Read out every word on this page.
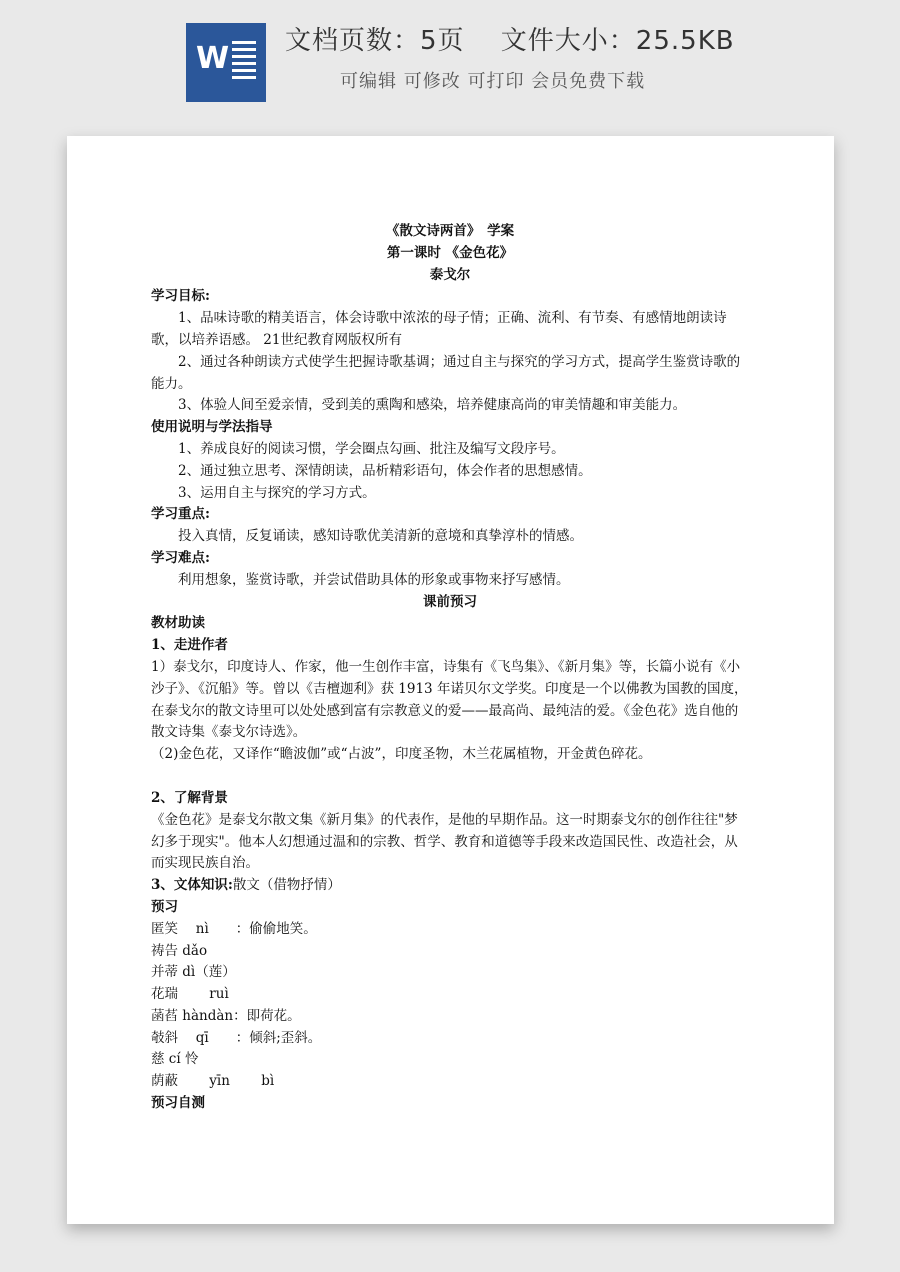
W 文档页数：5页　 文件大小：25.5KB
可编辑 可修改 可打印 会员免费下载
《散文诗两首》　学案
第一课时 《金色花》
泰戈尔
学习目标:
1、品味诗歌的精美语言，体会诗歌中浓浓的母子情；正确、流利、有节奏、有感情地朗读诗歌，以培养语感。 21世纪教育网版权所有
2、通过各种朗读方式使学生把握诗歌基调；通过自主与探究的学习方式，提高学生鉴赏诗歌的能力。
3、体验人间至爱亲情，受到美的熏陶和感染，培养健康高尚的审美情趣和审美能力。
使用说明与学法指导
1、养成良好的阅读习惯，学会圈点勾画、批注及编写文段序号。
2、通过独立思考、深情朗读，品析精彩语句，体会作者的思想感情。
3、运用自主与探究的学习方式。
学习重点:
投入真情，反复诵读，感知诗歌优美清新的意境和真挚淳朴的情感。
学习难点:
利用想象，鉴赏诗歌，并尝试借助具体的形象或事物来抒写感情。
课前预习
教材助读
1、走进作者
1）泰戈尔，印度诗人、作家，他一生创作丰富，诗集有《飞鸟集》、《新月集》等，长篇小说有《小沙子》、《沉船》等。曾以《吉檀迦利》获 1913 年诺贝尔文学奖。印度是一个以佛教为国教的国度，在泰戈尔的散文诗里可以处处感到富有宗教意义的爱——最高尚、最纯洁的爱。《金色花》选自他的散文诗集《泰戈尔诗选》。
（2)金色花，又译作“瞻波伽”或“占波”，印度圣物，木兰花属植物，开金黄色碎花。
2、了解背景
《金色花》是泰戈尔散文集《新月集》的代表作，是他的早期作品。这一时期泰戈尔的创作往往"梦幻多于现实"。他本人幻想通过温和的宗教、哲学、教育和道德等手段来改造国民性、改造社会，从而实现民族自治。
3、文体知识:散文（借物抒情）
预习
匿笑　 nì　　：偷偷地笑。
祷告 dǎo
并蒂 dì（莲）
花瑞　　 ruì
菡萏 hàndàn：即荷花。
攲斜　 qī　　：倾斜;歪斜。
慈 cí 怜
荫蔽　　 yīn　　 bì
预习自测
